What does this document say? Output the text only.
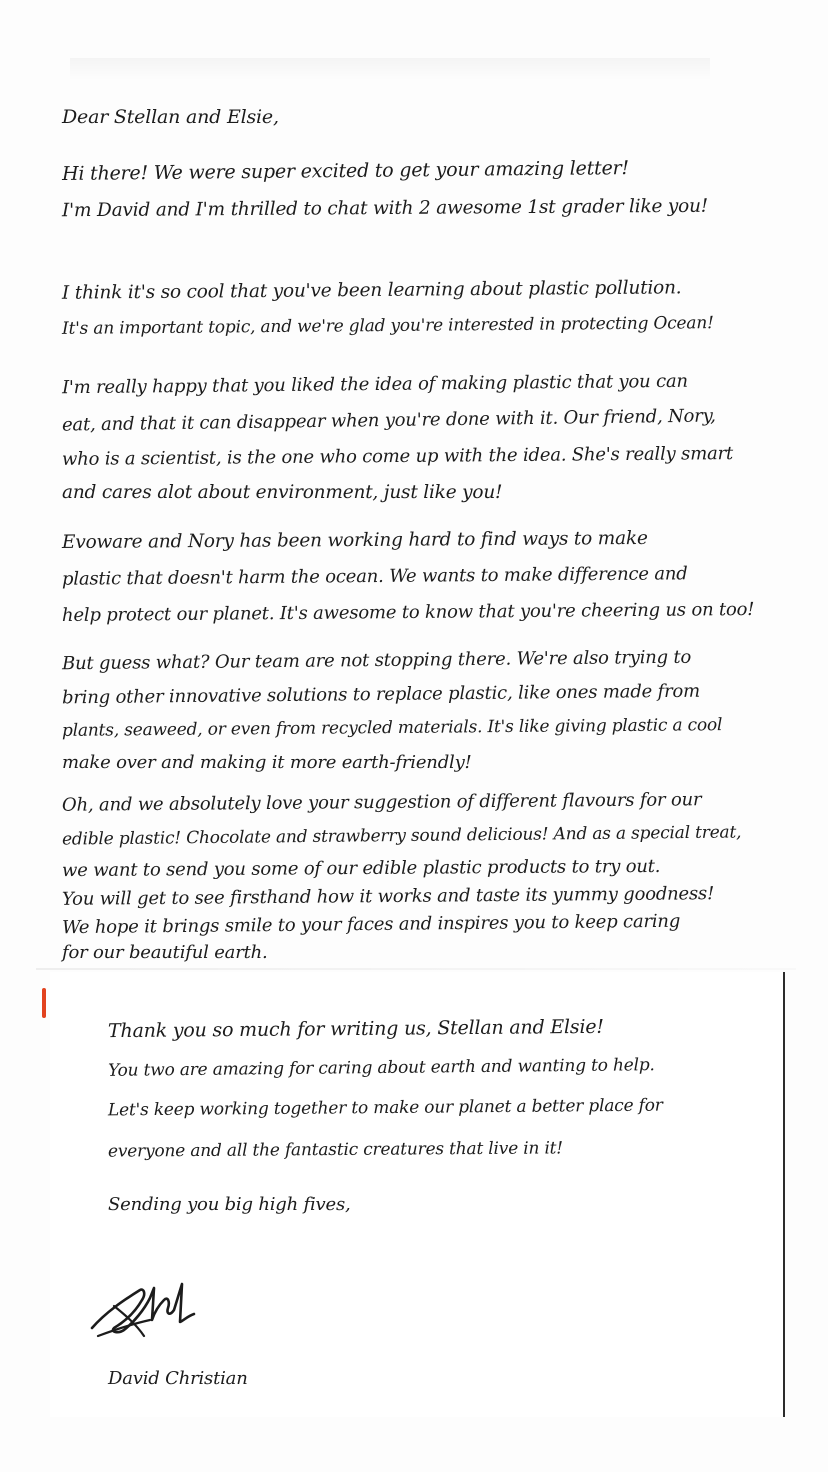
Dear Stellan and Elsie,
Hi there! We were super excited to get your amazing letter!
I'm David and I'm thrilled to chat with 2 awesome 1st grader like you!
I think it's so cool that you've been learning about plastic pollution.
It's an important topic, and we're glad you're interested in protecting Ocean!
I'm really happy that you liked the idea of making plastic that you can
eat, and that it can disappear when you're done with it. Our friend, Nory,
who is a scientist, is the one who come up with the idea. She's really smart
and cares alot about environment, just like you!
Evoware and Nory has been working hard to find ways to make
plastic that doesn't harm the ocean. We wants to make difference and
help protect our planet. It's awesome to know that you're cheering us on too!
But guess what? Our team are not stopping there. We're also trying to
bring other innovative solutions to replace plastic, like ones made from
plants, seaweed, or even from recycled materials. It's like giving plastic a cool
make over and making it more earth-friendly!
Oh, and we absolutely love your suggestion of different flavours for our
edible plastic! Chocolate and strawberry sound delicious! And as a special treat,
we want to send you some of our edible plastic products to try out.
You will get to see firsthand how it works and taste its yummy goodness!
We hope it brings smile to your faces and inspires you to keep caring
for our beautiful earth.
Thank you so much for writing us, Stellan and Elsie!
You two are amazing for caring about earth and wanting to help.
Let's keep working together to make our planet a better place for
everyone and all the fantastic creatures that live in it!
Sending you big high fives,
David Christian
